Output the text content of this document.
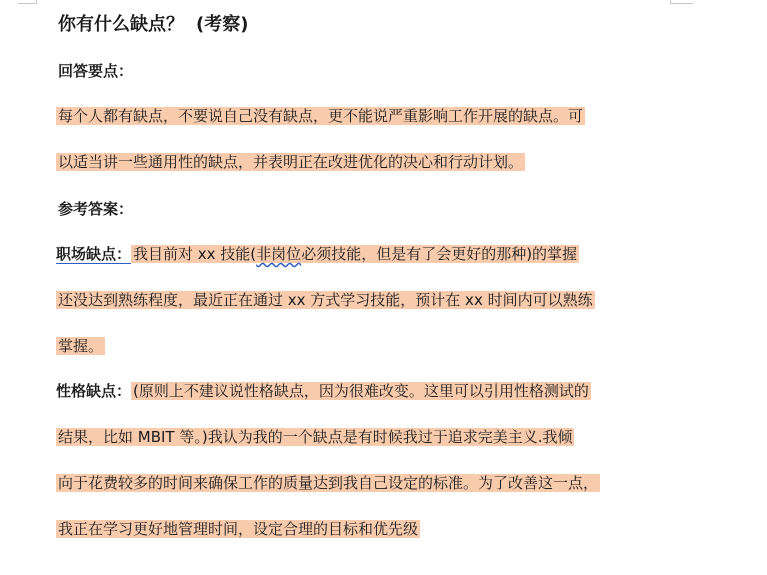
你有什么缺点？ (考察)
回答要点：
每个人都有缺点，不要说自己没有缺点，更不能说严重影响工作开展的缺点。可
以适当讲一些通用性的缺点，并表明正在改进优化的决心和行动计划。
参考答案：
职场缺点： 我目前对 xx 技能(非岗位必须技能，但是有了会更好的那种)的掌握
还没达到熟练程度，最近正在通过 xx 方式学习技能，预计在 xx 时间内可以熟练
掌握。
性格缺点： (原则上不建议说性格缺点，因为很难改变。这里可以引用性格测试的
结果，比如 MBIT 等。)我认为我的一个缺点是有时候我过于追求完美主义.我倾
向于花费较多的时间来确保工作的质量达到我自己设定的标准。为了改善这一点，
我正在学习更好地管理时间，设定合理的目标和优先级
